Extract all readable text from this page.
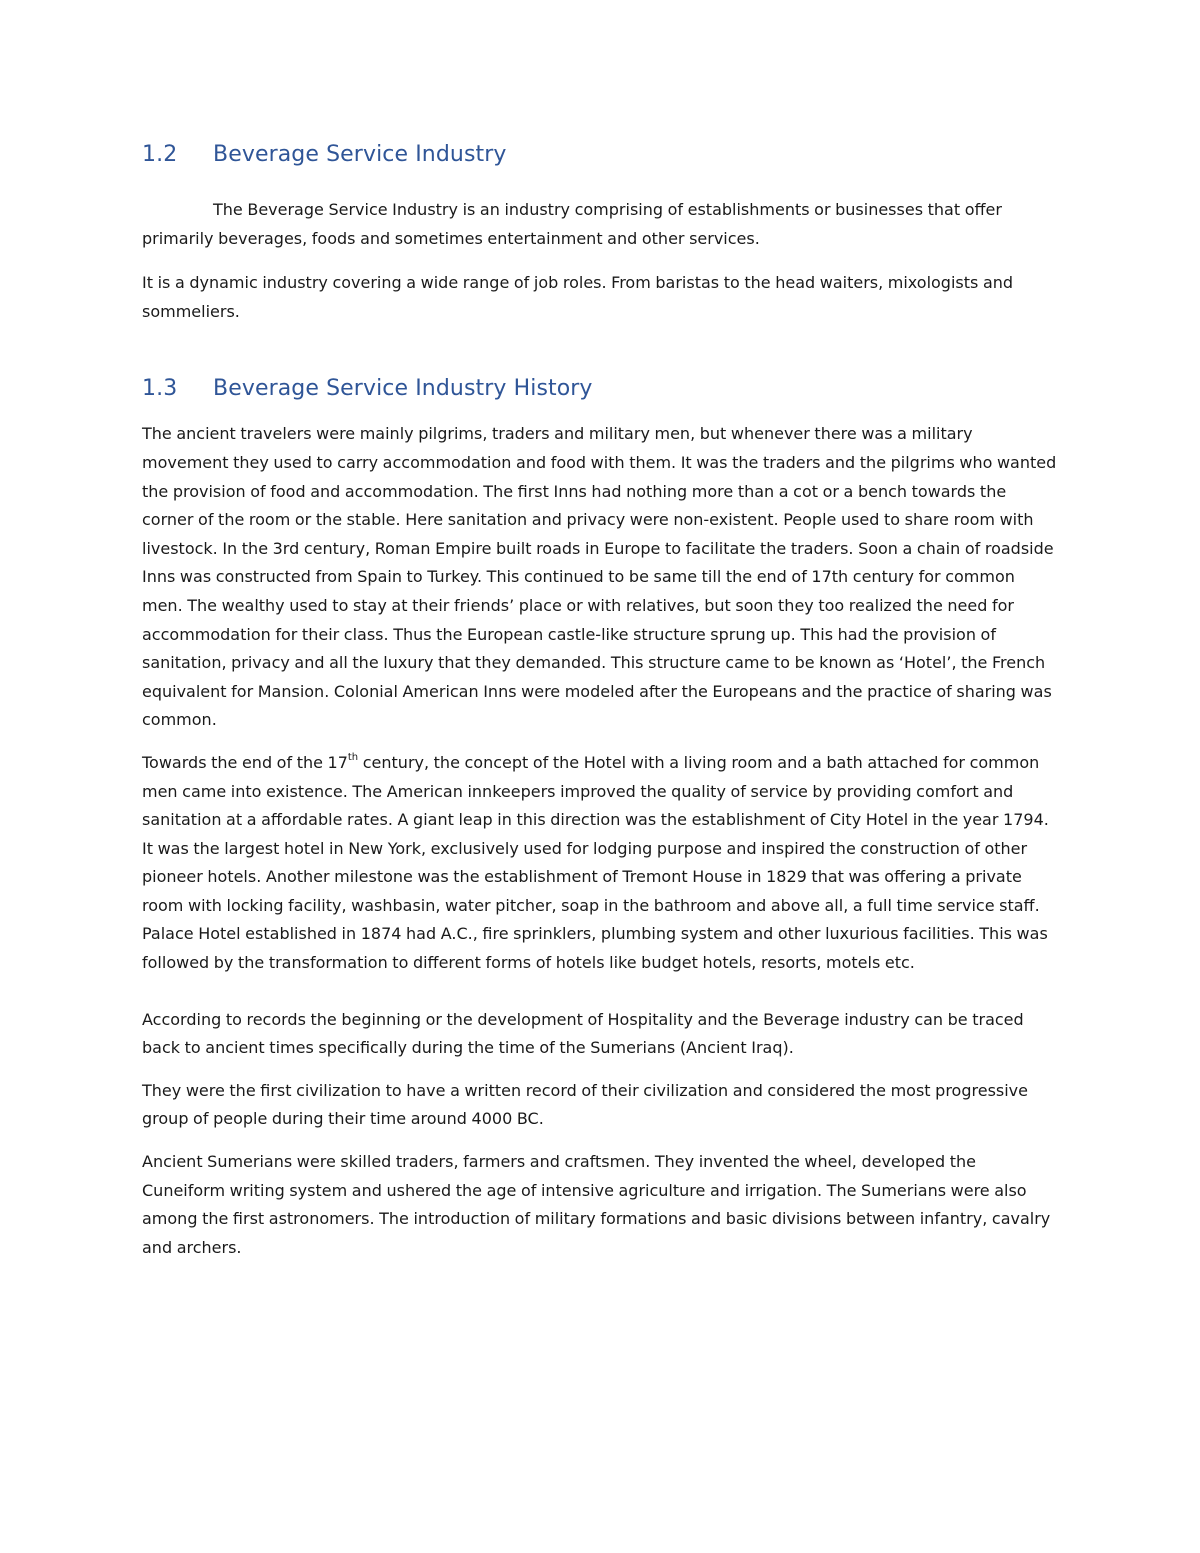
1.2	Beverage Service Industry

The Beverage Service Industry is an industry comprising of establishments or businesses that offer primarily beverages, foods and sometimes entertainment and other services.

It is a dynamic industry covering a wide range of job roles. From baristas to the head waiters, mixologists and sommeliers.

1.3	Beverage Service Industry History

The ancient travelers were mainly pilgrims, traders and military men, but whenever there was a military movement they used to carry accommodation and food with them. It was the traders and the pilgrims who wanted the provision of food and accommodation. The first Inns had nothing more than a cot or a bench towards the corner of the room or the stable. Here sanitation and privacy were non-existent. People used to share room with livestock. In the 3rd century, Roman Empire built roads in Europe to facilitate the traders. Soon a chain of roadside Inns was constructed from Spain to Turkey. This continued to be same till the end of 17th century for common men. The wealthy used to stay at their friends’ place or with relatives, but soon they too realized the need for accommodation for their class. Thus the European castle-like structure sprung up. This had the provision of sanitation, privacy and all the luxury that they demanded. This structure came to be known as ‘Hotel’, the French equivalent for Mansion. Colonial American Inns were modeled after the Europeans and the practice of sharing was common.

Towards the end of the 17th century, the concept of the Hotel with a living room and a bath attached for common men came into existence. The American innkeepers improved the quality of service by providing comfort and sanitation at a affordable rates. A giant leap in this direction was the establishment of City Hotel in the year 1794. It was the largest hotel in New York, exclusively used for lodging purpose and inspired the construction of other pioneer hotels. Another milestone was the establishment of Tremont House in 1829 that was offering a private room with locking facility, washbasin, water pitcher, soap in the bathroom and above all, a full time service staff. Palace Hotel established in 1874 had A.C., fire sprinklers, plumbing system and other luxurious facilities. This was followed by the transformation to different forms of hotels like budget hotels, resorts, motels etc.

According to records the beginning or the development of Hospitality and the Beverage industry can be traced back to ancient times specifically during the time of the Sumerians (Ancient Iraq).

They were the first civilization to have a written record of their civilization and considered the most progressive group of people during their time around 4000 BC.

Ancient Sumerians were skilled traders, farmers and craftsmen. They invented the wheel, developed the Cuneiform writing system and ushered the age of intensive agriculture and irrigation. The Sumerians were also among the first astronomers. The introduction of military formations and basic divisions between infantry, cavalry and archers.
